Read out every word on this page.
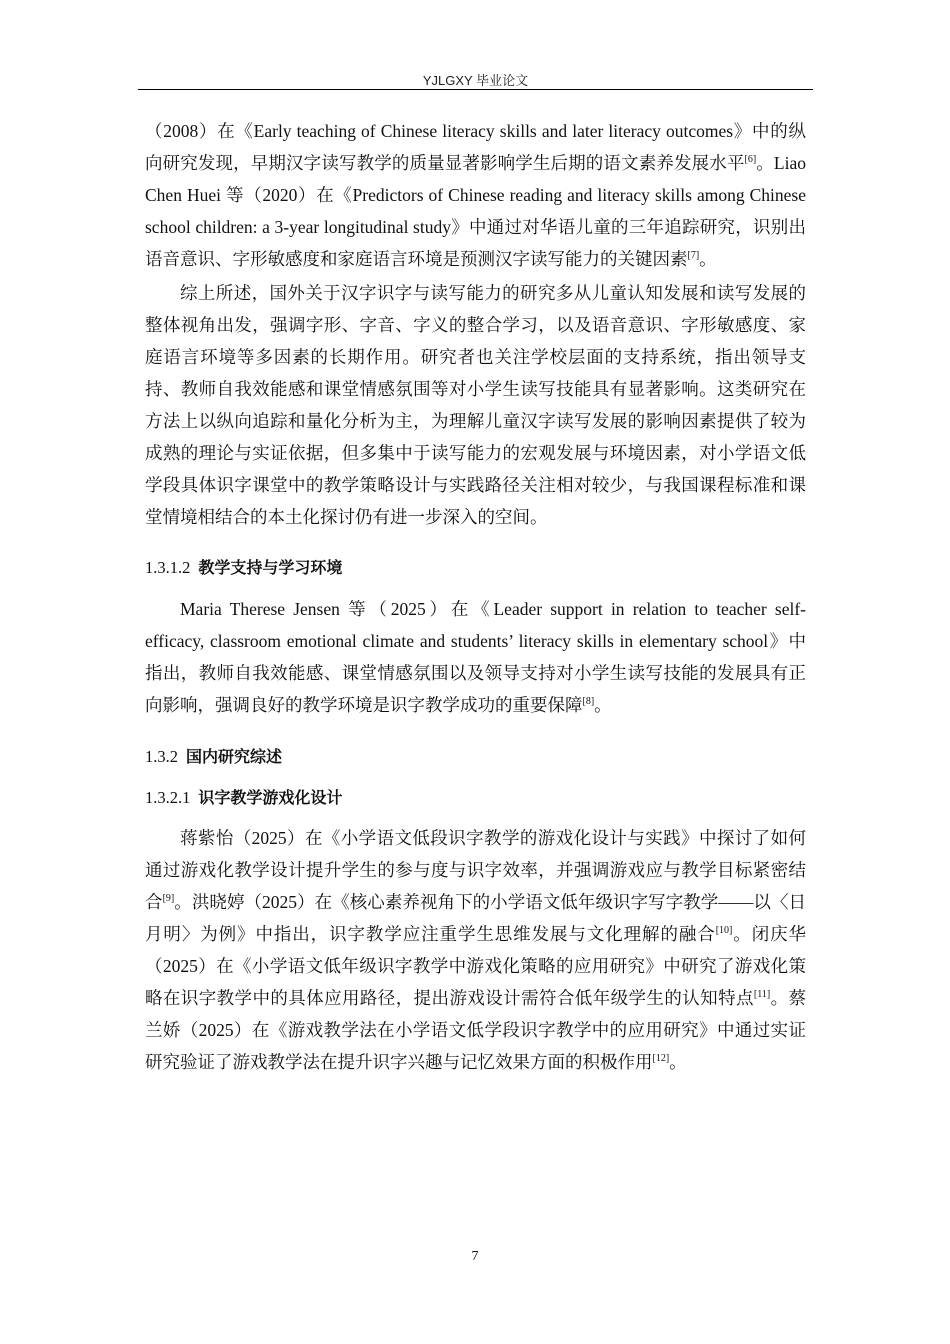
YJLGXY 毕业论文

（2008）在《Early teaching of Chinese literacy skills and later literacy outcomes》中的纵向研究发现，早期汉字读写教学的质量显著影响学生后期的语文素养发展水平[6]。Liao Chen Huei 等（2020）在《Predictors of Chinese reading and literacy skills among Chinese school children: a 3-year longitudinal study》中通过对华语儿童的三年追踪研究，识别出语音意识、字形敏感度和家庭语言环境是预测汉字读写能力的关键因素[7]。

综上所述，国外关于汉字识字与读写能力的研究多从儿童认知发展和读写发展的整体视角出发，强调字形、字音、字义的整合学习，以及语音意识、字形敏感度、家庭语言环境等多因素的长期作用。研究者也关注学校层面的支持系统，指出领导支持、教师自我效能感和课堂情感氛围等对小学生读写技能具有显著影响。这类研究在方法上以纵向追踪和量化分析为主，为理解儿童汉字读写发展的影响因素提供了较为成熟的理论与实证依据，但多集中于读写能力的宏观发展与环境因素，对小学语文低学段具体识字课堂中的教学策略设计与实践路径关注相对较少，与我国课程标准和课堂情境相结合的本土化探讨仍有进一步深入的空间。

1.3.1.2 教学支持与学习环境

Maria Therese Jensen 等（2025）在《Leader support in relation to teacher self-efficacy, classroom emotional climate and students’ literacy skills in elementary school》中指出，教师自我效能感、课堂情感氛围以及领导支持对小学生读写技能的发展具有正向影响，强调良好的教学环境是识字教学成功的重要保障[8]。

1.3.2 国内研究综述
1.3.2.1 识字教学游戏化设计

蒋紫怡（2025）在《小学语文低段识字教学的游戏化设计与实践》中探讨了如何通过游戏化教学设计提升学生的参与度与识字效率，并强调游戏应与教学目标紧密结合[9]。洪晓婷（2025）在《核心素养视角下的小学语文低年级识字写字教学——以〈日月明〉为例》中指出，识字教学应注重学生思维发展与文化理解的融合[10]。闭庆华（2025）在《小学语文低年级识字教学中游戏化策略的应用研究》中研究了游戏化策略在识字教学中的具体应用路径，提出游戏设计需符合低年级学生的认知特点[11]。蔡兰娇（2025）在《游戏教学法在小学语文低学段识字教学中的应用研究》中通过实证研究验证了游戏教学法在提升识字兴趣与记忆效果方面的积极作用[12]。

7
